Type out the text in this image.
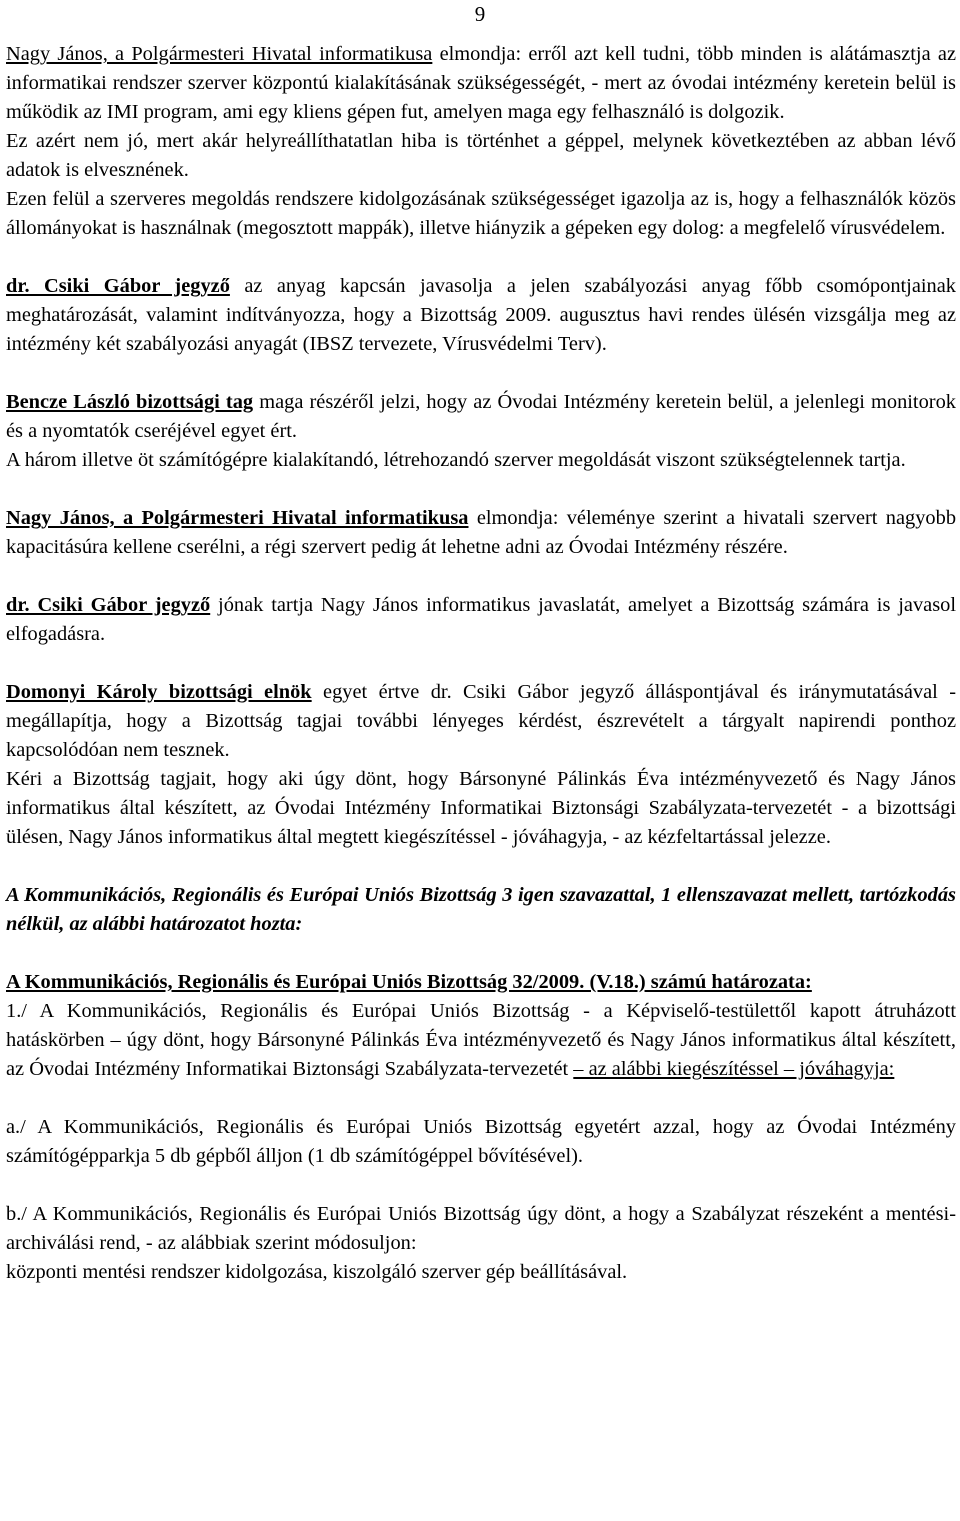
9

Nagy János, a Polgármesteri Hivatal informatikusa elmondja: erről azt kell tudni, több minden is alátámasztja az informatikai rendszer szerver központú kialakításának szükségességét, - mert az óvodai intézmény keretein belül is működik az IMI program, ami egy kliens gépen fut, amelyen maga egy felhasználó is dolgozik.

Ez azért nem jó, mert akár helyreállíthatatlan hiba is történhet a géppel, melynek következtében az abban lévő adatok is elvesznének.

Ezen felül a szerveres megoldás rendszere kidolgozásának szükségességet igazolja az is, hogy a felhasználók közös állományokat is használnak (megosztott mappák), illetve hiányzik a gépeken egy dolog: a megfelelő vírusvédelem.

dr. Csiki Gábor jegyző az anyag kapcsán javasolja a jelen szabályozási anyag főbb csomópontjainak meghatározását, valamint indítványozza, hogy a Bizottság 2009. augusztus havi rendes ülésén vizsgálja meg az intézmény két szabályozási anyagát (IBSZ tervezete, Vírusvédelmi Terv).

Bencze László bizottsági tag maga részéről jelzi, hogy az Óvodai Intézmény keretein belül, a jelenlegi monitorok és a nyomtatók cseréjével egyet ért.

A három illetve öt számítógépre kialakítandó, létrehozandó szerver megoldását viszont szükségtelennek tartja.

Nagy János, a Polgármesteri Hivatal informatikusa elmondja: véleménye szerint a hivatali szervert nagyobb kapacitásúra kellene cserélni, a régi szervert pedig át lehetne adni az Óvodai Intézmény részére.

dr. Csiki Gábor jegyző jónak tartja Nagy János informatikus javaslatát, amelyet a Bizottság számára is javasol elfogadásra.

Domonyi Károly bizottsági elnök egyet értve dr. Csiki Gábor jegyző álláspontjával és iránymutatásával - megállapítja, hogy a Bizottság tagjai további lényeges kérdést, észrevételt a tárgyalt napirendi ponthoz kapcsolódóan nem tesznek.

Kéri a Bizottság tagjait, hogy aki úgy dönt, hogy Bársonyné Pálinkás Éva intézményvezető és Nagy János informatikus által készített, az Óvodai Intézmény Informatikai Biztonsági Szabályzata-tervezetét - a bizottsági ülésen, Nagy János informatikus által megtett kiegészítéssel - jóváhagyja, - az kézfeltartással jelezze.

A Kommunikációs, Regionális és Európai Uniós Bizottság 3 igen szavazattal, 1 ellenszavazat mellett, tartózkodás nélkül, az alábbi határozatot hozta:

A Kommunikációs, Regionális és Európai Uniós Bizottság 32/2009. (V.18.) számú határozata:

1./ A Kommunikációs, Regionális és Európai Uniós Bizottság - a Képviselő-testülettől kapott átruházott hatáskörben – úgy dönt, hogy Bársonyné Pálinkás Éva intézményvezető és Nagy János informatikus által készített, az Óvodai Intézmény Informatikai Biztonsági Szabályzata-tervezetét – az alábbi kiegészítéssel – jóváhagyja:

a./ A Kommunikációs, Regionális és Európai Uniós Bizottság egyetért azzal, hogy az Óvodai Intézmény számítógépparkja 5 db gépből álljon (1 db számítógéppel bővítésével).

b./ A Kommunikációs, Regionális és Európai Uniós Bizottság úgy dönt, a hogy a Szabályzat részeként a mentési-archiválási rend, - az alábbiak szerint módosuljon:

központi mentési rendszer kidolgozása, kiszolgáló szerver gép beállításával.
